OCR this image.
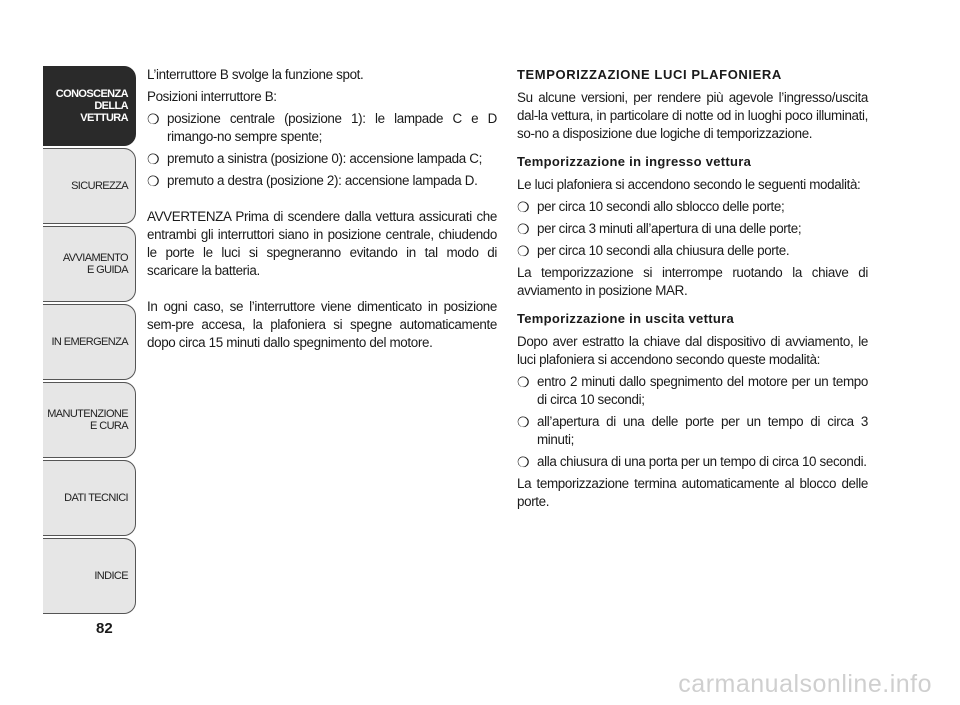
CONOSCENZA
DELLA
VETTURA
SICUREZZA
AVVIAMENTO
E GUIDA
IN EMERGENZA
MANUTENZIONE
E CURA
DATI TECNICI
INDICE
82

L’interruttore B svolge la funzione spot.

Posizioni interruttore B:

❍ posizione centrale (posizione 1): le lampade C e D rimango-no sempre spente;
❍ premuto a sinistra (posizione 0): accensione lampada C;
❍ premuto a destra (posizione 2): accensione lampada D.

AVVERTENZA Prima di scendere dalla vettura assicurati che entrambi gli interruttori siano in posizione centrale, chiudendo le porte le luci si spegneranno evitando in tal modo di scaricare la batteria.

In ogni caso, se l’interruttore viene dimenticato in posizione sem-pre accesa, la plafoniera si spegne automaticamente dopo circa 15 minuti dallo spegnimento del motore.

TEMPORIZZAZIONE LUCI PLAFONIERA

Su alcune versioni, per rendere più agevole l’ingresso/uscita dal-la vettura, in particolare di notte od in luoghi poco illuminati, so-no a disposizione due logiche di temporizzazione.

Temporizzazione in ingresso vettura

Le luci plafoniera si accendono secondo le seguenti modalità:

❍ per circa 10 secondi allo sblocco delle porte;
❍ per circa 3 minuti all’apertura di una delle porte;
❍ per circa 10 secondi alla chiusura delle porte.

La temporizzazione si interrompe ruotando la chiave di avviamento in posizione MAR.

Temporizzazione in uscita vettura

Dopo aver estratto la chiave dal dispositivo di avviamento, le luci plafoniera si accendono secondo queste modalità:

❍ entro 2 minuti dallo spegnimento del motore per un tempo di circa 10 secondi;
❍ all’apertura di una delle porte per un tempo di circa 3 minuti;
❍ alla chiusura di una porta per un tempo di circa 10 secondi.

La temporizzazione termina automaticamente al blocco delle porte.

carmanualsonline.info
